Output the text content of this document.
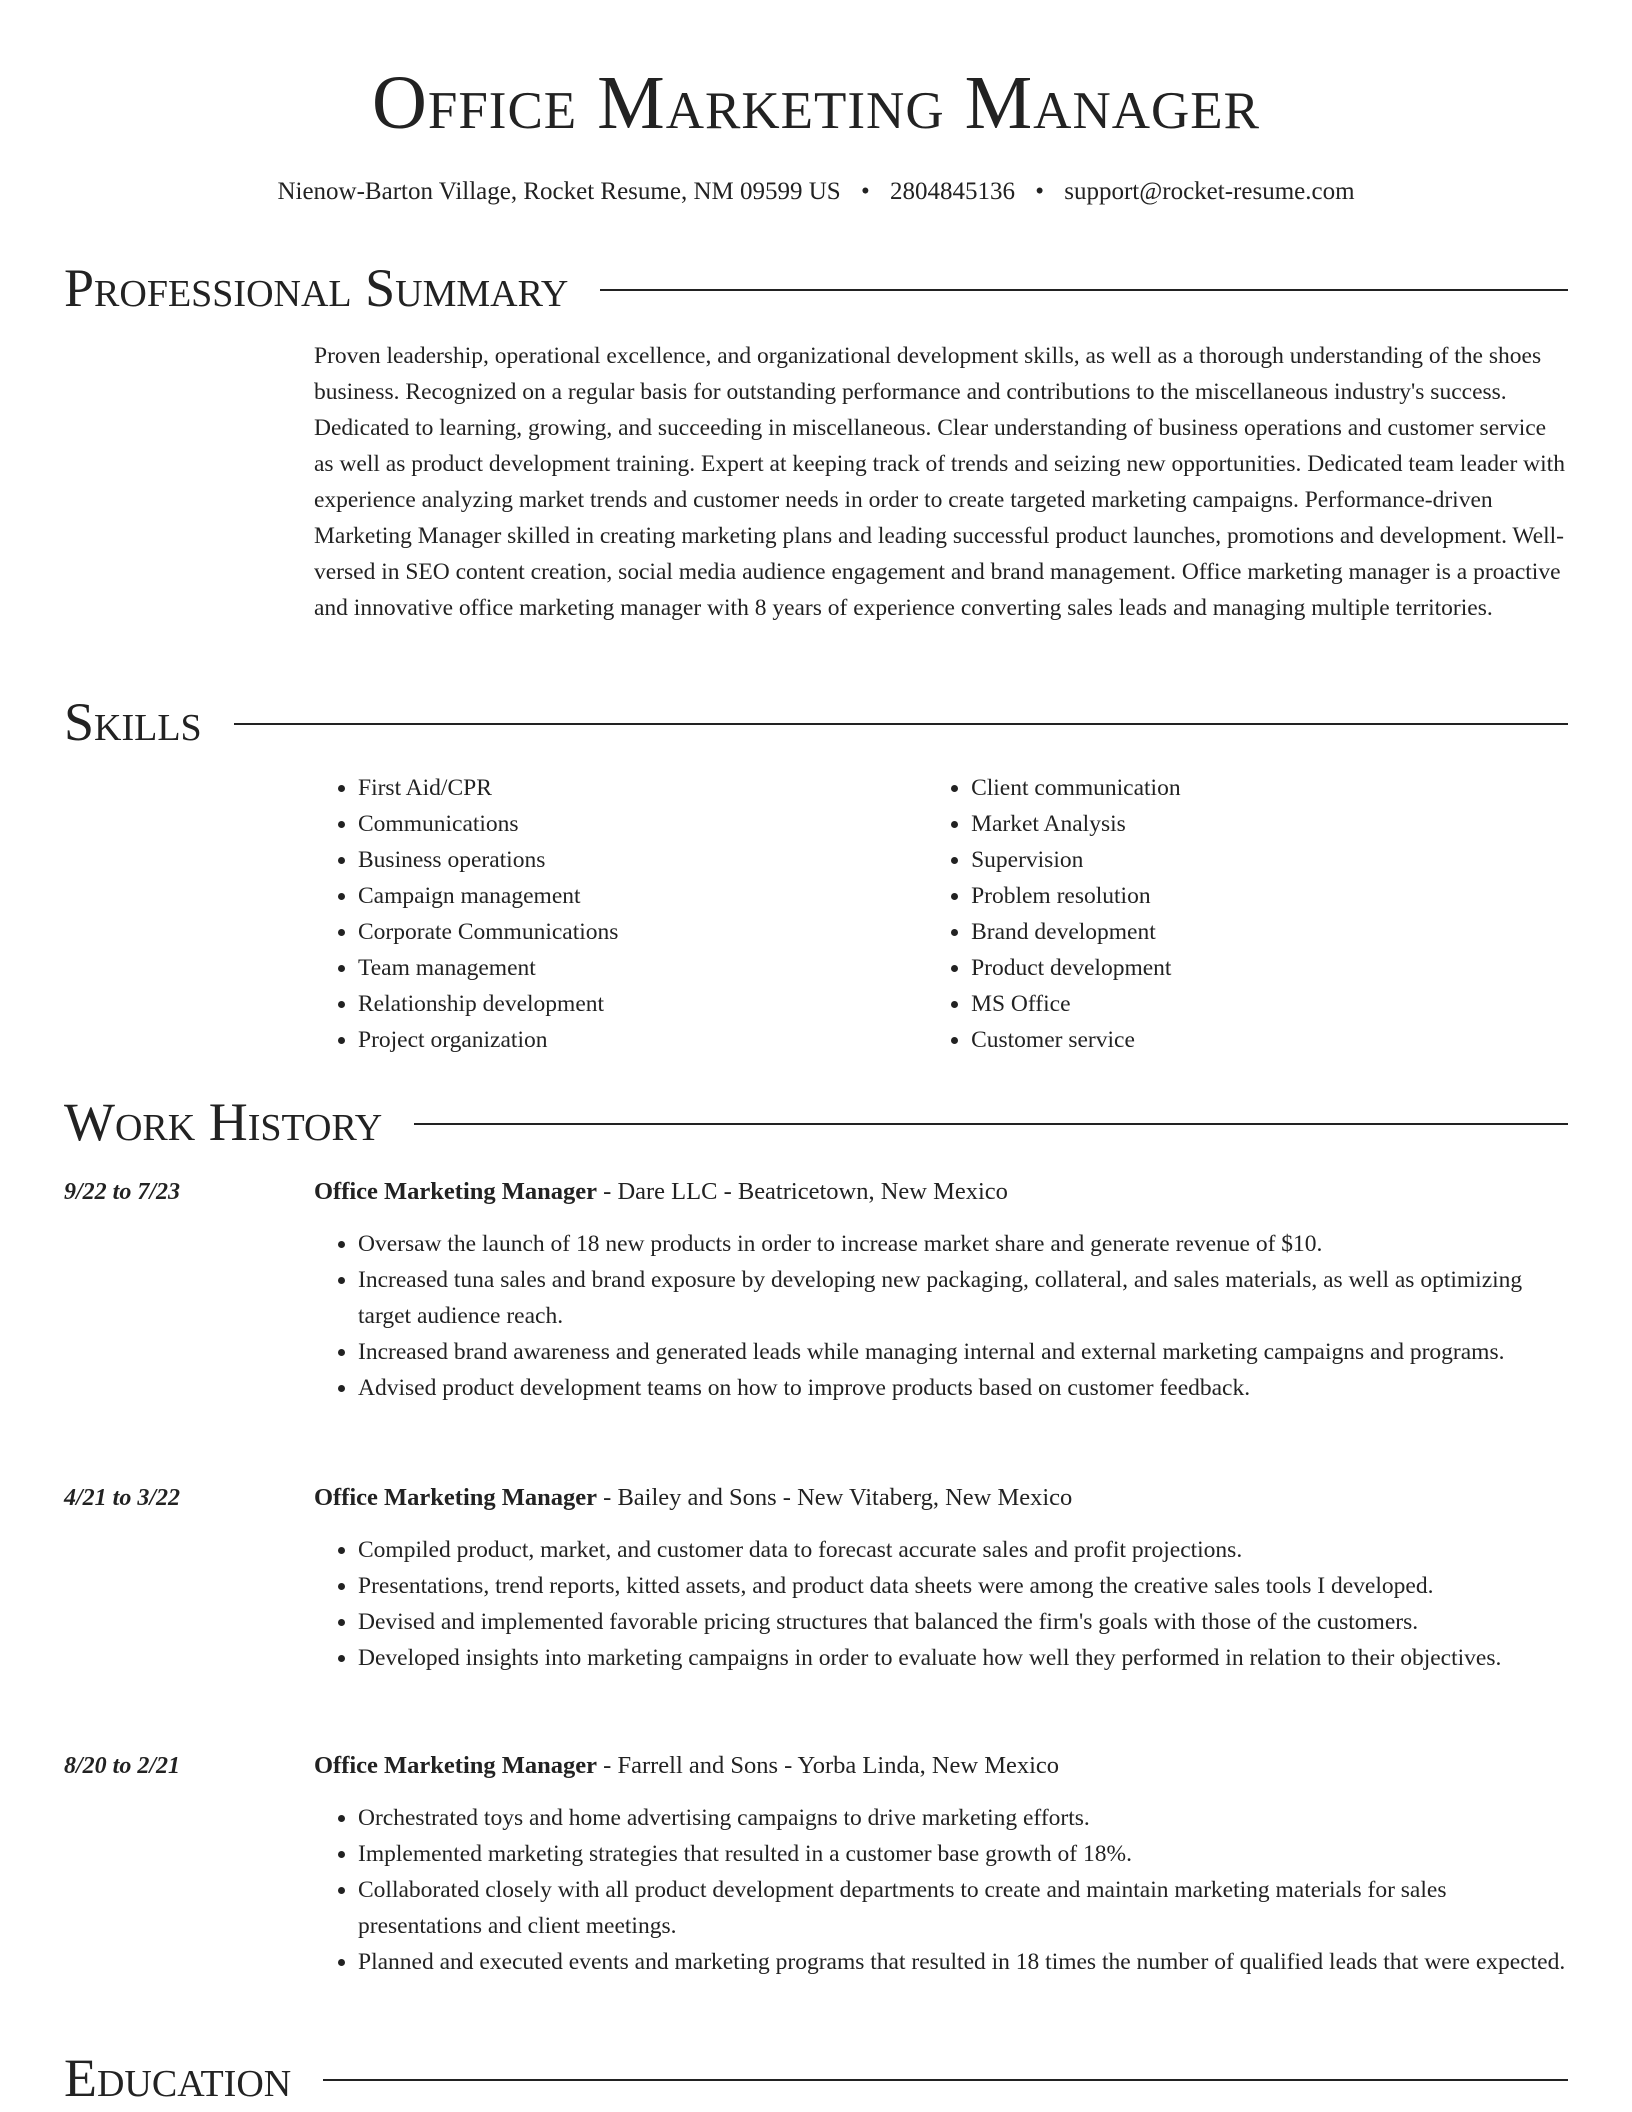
Office Marketing Manager
Nienow-Barton Village, Rocket Resume, NM 09599 US • 2804845136 • support@rocket-resume.com
Professional Summary

Proven leadership, operational excellence, and organizational development skills, as well as a thorough understanding of the shoes business. Recognized on a regular basis for outstanding performance and contributions to the miscellaneous industry's success. Dedicated to learning, growing, and succeeding in miscellaneous. Clear understanding of business operations and customer service as well as product development training. Expert at keeping track of trends and seizing new opportunities. Dedicated team leader with experience analyzing market trends and customer needs in order to create targeted marketing campaigns. Performance-driven Marketing Manager skilled in creating marketing plans and leading successful product launches, promotions and development. Well-versed in SEO content creation, social media audience engagement and brand management. Office marketing manager is a proactive and innovative office marketing manager with 8 years of experience converting sales leads and managing multiple territories.

Skills
• First Aid/CPR
• Communications
• Business operations
• Campaign management
• Corporate Communications
• Team management
• Relationship development
• Project organization
• Client communication
• Market Analysis
• Supervision
• Problem resolution
• Brand development
• Product development
• MS Office
• Customer service
Work History
9/22 to 7/23	Office Marketing Manager - Dare LLC - Beatricetown, New Mexico
• Oversaw the launch of 18 new products in order to increase market share and generate revenue of $10.
• Increased tuna sales and brand exposure by developing new packaging, collateral, and sales materials, as well as optimizing target audience reach.
• Increased brand awareness and generated leads while managing internal and external marketing campaigns and programs.
• Advised product development teams on how to improve products based on customer feedback.
4/21 to 3/22	Office Marketing Manager - Bailey and Sons - New Vitaberg, New Mexico
• Compiled product, market, and customer data to forecast accurate sales and profit projections.
• Presentations, trend reports, kitted assets, and product data sheets were among the creative sales tools I developed.
• Devised and implemented favorable pricing structures that balanced the firm's goals with those of the customers.
• Developed insights into marketing campaigns in order to evaluate how well they performed in relation to their objectives.
8/20 to 2/21	Office Marketing Manager - Farrell and Sons - Yorba Linda, New Mexico
• Orchestrated toys and home advertising campaigns to drive marketing efforts.
• Implemented marketing strategies that resulted in a customer base growth of 18%.
• Collaborated closely with all product development departments to create and maintain marketing materials for sales presentations and client meetings.
• Planned and executed events and marketing programs that resulted in 18 times the number of qualified leads that were expected.
Education
